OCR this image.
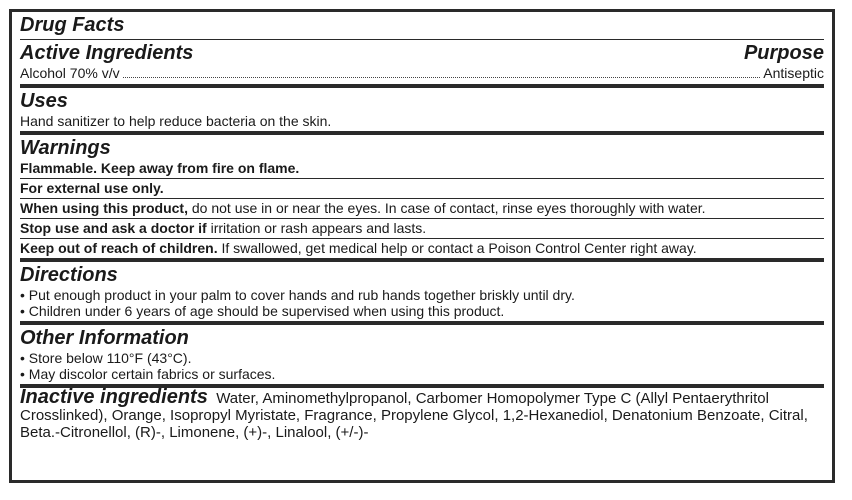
Drug Facts
Active Ingredients	Purpose
Alcohol 70% v/v	Antiseptic
Uses
Hand sanitizer to help reduce bacteria on the skin.
Warnings
Flammable. Keep away from fire on flame.
For external use only.
When using this product, do not use in or near the eyes. In case of contact, rinse eyes thoroughly with water.
Stop use and ask a doctor if irritation or rash appears and lasts.
Keep out of reach of children. If swallowed, get medical help or contact a Poison Control Center right away.
Directions
• Put enough product in your palm to cover hands and rub hands together briskly until dry.
• Children under 6 years of age should be supervised when using this product.
Other Information
• Store below 110°F (43°C).
• May discolor certain fabrics or surfaces.
Inactive ingredients Water, Aminomethylpropanol, Carbomer Homopolymer Type C (Allyl Pentaerythritol Crosslinked), Orange, Isopropyl Myristate, Fragrance, Propylene Glycol, 1,2-Hexanediol, Denatonium Benzoate, Citral, Beta.-Citronellol, (R)-, Limonene, (+)-, Linalool, (+/-)-
